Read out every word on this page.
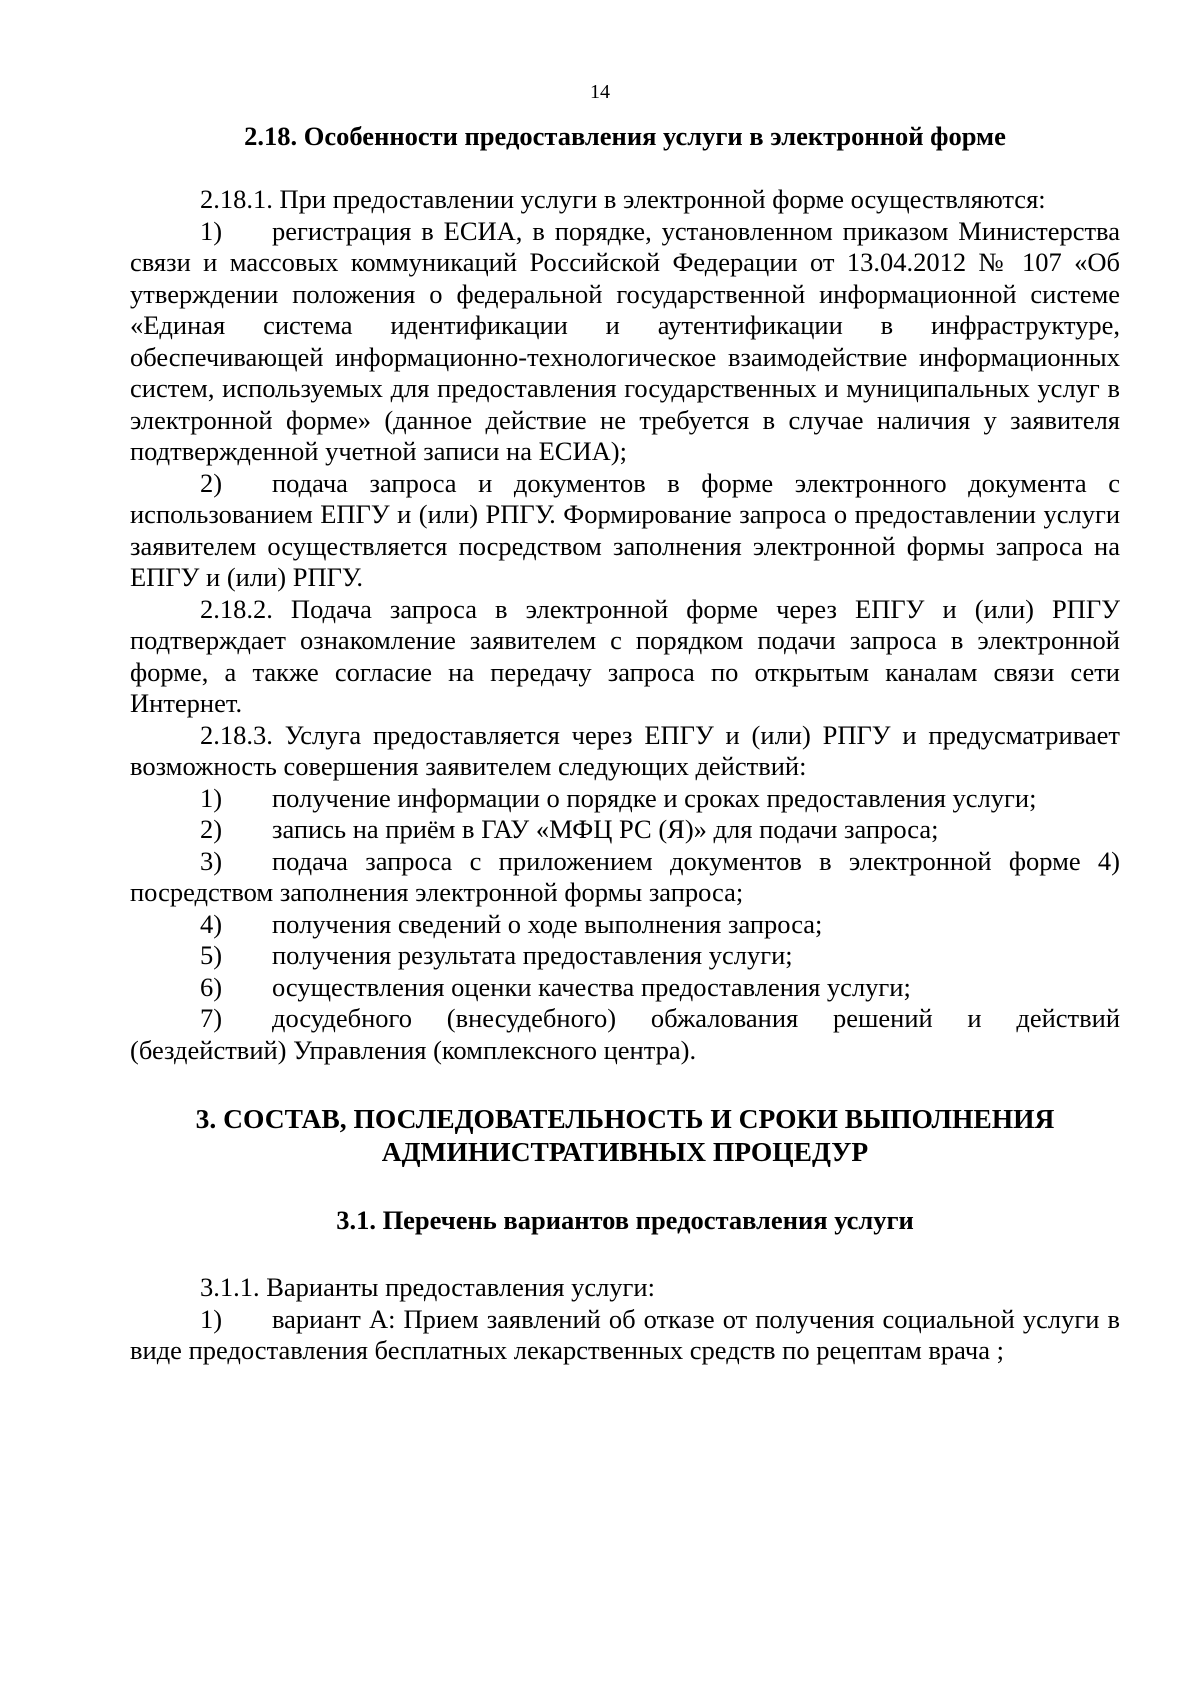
14
2.18. Особенности предоставления услуги в электронной форме

2.18.1. При предоставлении услуги в электронной форме осуществляются:

1) регистрация в ЕСИА, в порядке, установленном приказом Министерства связи и массовых коммуникаций Российской Федерации от 13.04.2012 № 107 «Об утверждении положения о федеральной государственной информационной системе «Единая система идентификации и аутентификации в инфраструктуре, обеспечивающей информационно-технологическое взаимодействие информационных систем, используемых для предоставления государственных и муниципальных услуг в электронной форме» (данное действие не требуется в случае наличия у заявителя подтвержденной учетной записи на ЕСИА);

2) подача запроса и документов в форме электронного документа с использованием ЕПГУ и (или) РПГУ. Формирование запроса о предоставлении услуги заявителем осуществляется посредством заполнения электронной формы запроса на ЕПГУ и (или) РПГУ.

2.18.2. Подача запроса в электронной форме через ЕПГУ и (или) РПГУ подтверждает ознакомление заявителем с порядком подачи запроса в электронной форме, а также согласие на передачу запроса по открытым каналам связи сети Интернет.

2.18.3. Услуга предоставляется через ЕПГУ и (или) РПГУ и предусматривает возможность совершения заявителем следующих действий:

1) получение информации о порядке и сроках предоставления услуги;

2) запись на приём в ГАУ «МФЦ РС (Я)» для подачи запроса;

3) подача запроса с приложением документов в электронной форме 4) посредством заполнения электронной формы запроса;

4) получения сведений о ходе выполнения запроса;

5) получения результата предоставления услуги;

6) осуществления оценки качества предоставления услуги;

7) досудебного (внесудебного) обжалования решений и действий (бездействий) Управления (комплексного центра).

3. СОСТАВ, ПОСЛЕДОВАТЕЛЬНОСТЬ И СРОКИ ВЫПОЛНЕНИЯ
АДМИНИСТРАТИВНЫХ ПРОЦЕДУР
3.1. Перечень вариантов предоставления услуги

3.1.1. Варианты предоставления услуги:

1) вариант А: Прием заявлений об отказе от получения социальной услуги в виде предоставления бесплатных лекарственных средств по рецептам врача ;
